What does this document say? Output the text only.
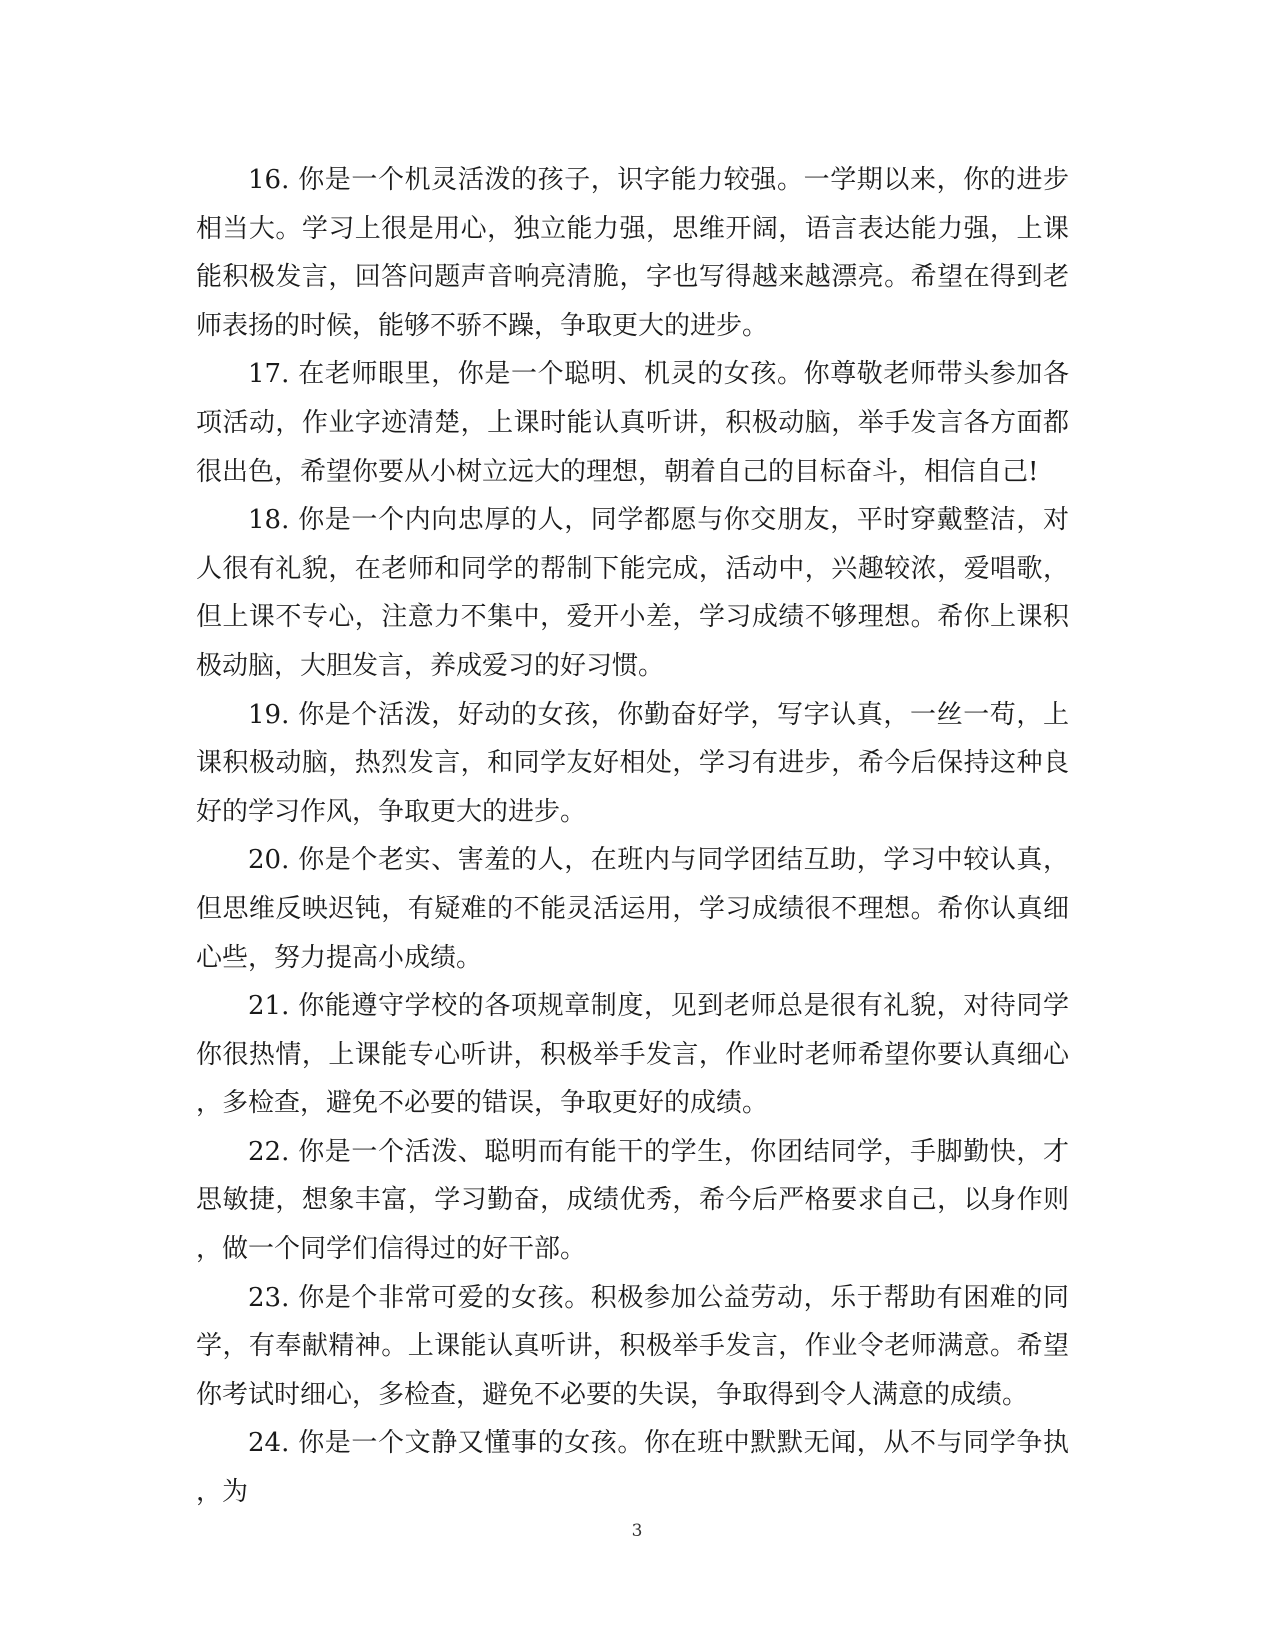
16. 你是一个机灵活泼的孩子，识字能力较强。一学期以来，你的进步相当大。学习上很是用心，独立能力强，思维开阔，语言表达能力强，上课能积极发言，回答问题声音响亮清脆，字也写得越来越漂亮。希望在得到老师表扬的时候，能够不骄不躁，争取更大的进步。

17. 在老师眼里，你是一个聪明、机灵的女孩。你尊敬老师带头参加各项活动，作业字迹清楚，上课时能认真听讲，积极动脑，举手发言各方面都很出色，希望你要从小树立远大的理想，朝着自己的目标奋斗，相信自己!

18. 你是一个内向忠厚的人，同学都愿与你交朋友，平时穿戴整洁，对人很有礼貌，在老师和同学的帮制下能完成，活动中，兴趣较浓，爱唱歌，但上课不专心，注意力不集中，爱开小差，学习成绩不够理想。希你上课积极动脑，大胆发言，养成爱习的好习惯。

19. 你是个活泼，好动的女孩，你勤奋好学，写字认真，一丝一苟，上课积极动脑，热烈发言，和同学友好相处，学习有进步，希今后保持这种良好的学习作风，争取更大的进步。

20. 你是个老实、害羞的人，在班内与同学团结互助，学习中较认真，但思维反映迟钝，有疑难的不能灵活运用，学习成绩很不理想。希你认真细心些，努力提高小成绩。

21. 你能遵守学校的各项规章制度，见到老师总是很有礼貌，对待同学你很热情，上课能专心听讲，积极举手发言，作业时老师希望你要认真细心，多检查，避免不必要的错误，争取更好的成绩。

22. 你是一个活泼、聪明而有能干的学生，你团结同学，手脚勤快，才思敏捷，想象丰富，学习勤奋，成绩优秀，希今后严格要求自己，以身作则，做一个同学们信得过的好干部。

23. 你是个非常可爱的女孩。积极参加公益劳动，乐于帮助有困难的同学，有奉献精神。上课能认真听讲，积极举手发言，作业令老师满意。希望你考试时细心，多检查，避免不必要的失误，争取得到令人满意的成绩。

24. 你是一个文静又懂事的女孩。你在班中默默无闻，从不与同学争执，为

3
